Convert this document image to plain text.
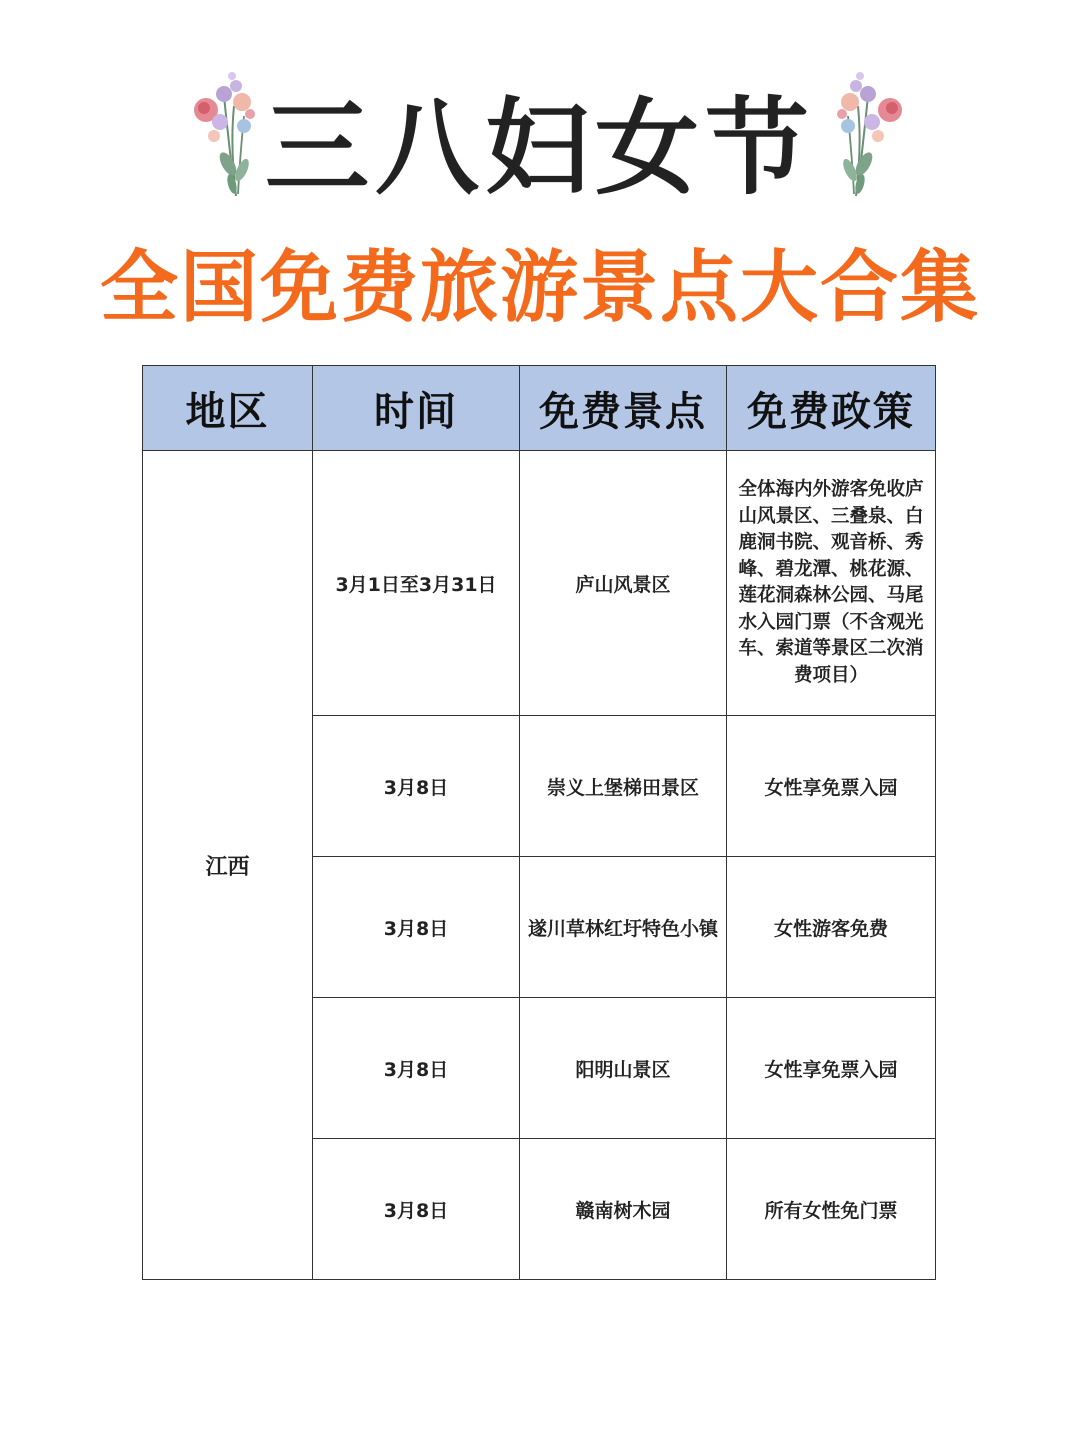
三八妇女节
全国免费旅游景点大合集
地区	时间	免费景点	免费政策
江西	3月1日至3月31日	庐山风景区	全体海内外游客免收庐山风景区、三叠泉、白鹿洞书院、观音桥、秀峰、碧龙潭、桃花源、莲花洞森林公园、马尾水入园门票（不含观光车、索道等景区二次消费项目）

	3月8日	崇义上堡梯田景区	女性享免票入园
	3月8日	遂川草林红圩特色小镇	女性游客免费
	3月8日	阳明山景区	女性享免票入园
	3月8日	赣南树木园	所有女性免门票
